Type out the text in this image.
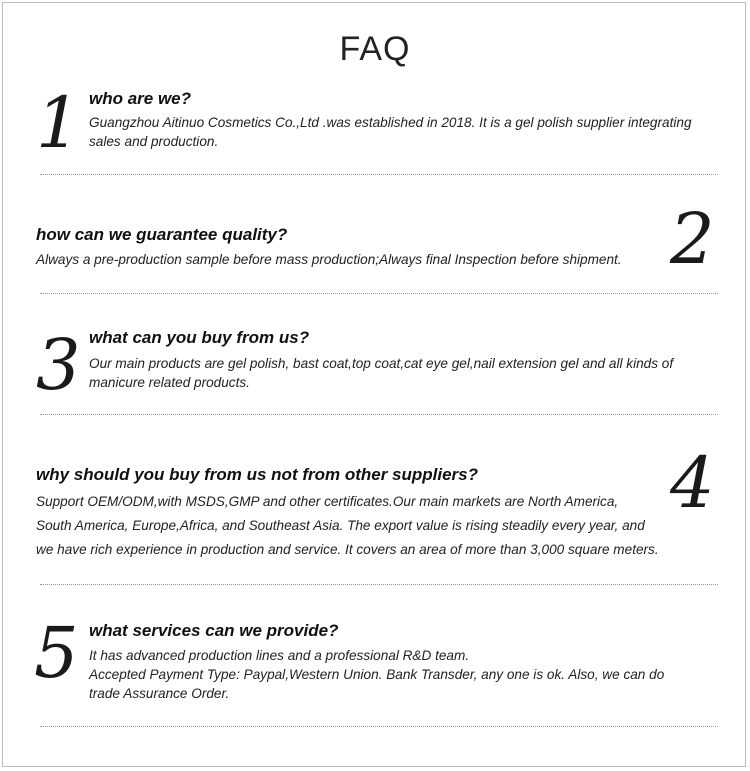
FAQ
1 who are we?

Guangzhou Aitinuo Cosmetics Co.,Ltd .was established in 2018. It is a gel polish supplier integrating

sales and production.

how can we guarantee quality?

Always a pre-production sample before mass production;Always final Inspection before shipment. 2
3 what can you buy from us?

Our main products are gel polish, bast coat,top coat,cat eye gel,nail extension gel and all kinds of

manicure related products.

why should you buy from us not from other suppliers?

Support OEM/ODM,with MSDS,GMP and other certificates.Our main markets are North America,

South America, Europe,Africa, and Southeast Asia. The export value is rising steadily every year, and

we have rich experience in production and service. It covers an area of more than 3,000 square meters.

4
5 what services can we provide?

It has advanced production lines and a professional R&D team.

Accepted Payment Type: Paypal,Western Union. Bank Transder, any one is ok. Also, we can do

trade Assurance Order.
